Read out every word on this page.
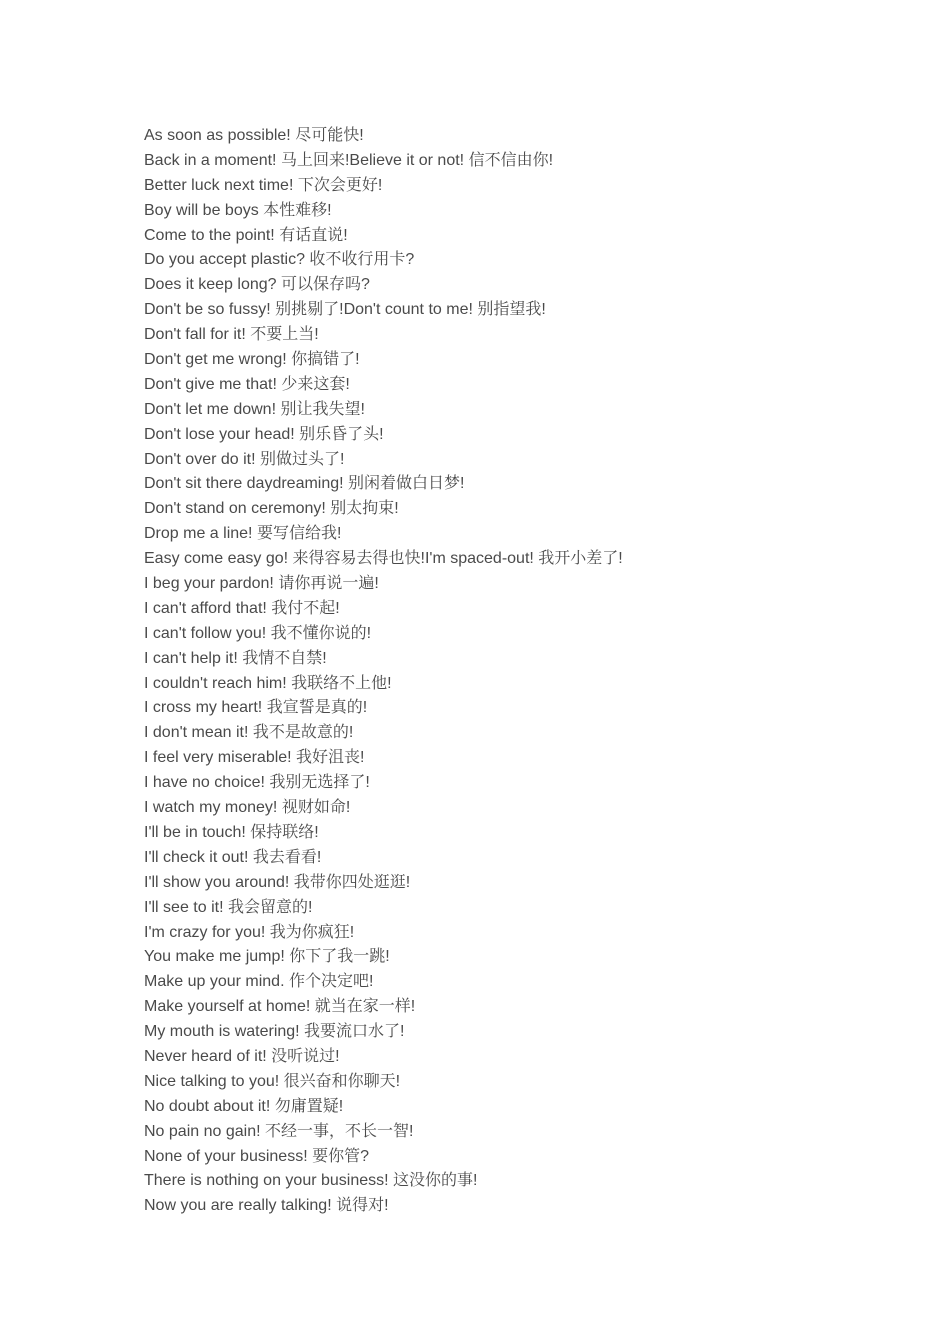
As soon as possible! 尽可能快!
Back in a moment! 马上回来!Believe it or not! 信不信由你!
Better luck next time! 下次会更好!
Boy will be boys 本性难移!
Come to the point! 有话直说!
Do you accept plastic? 收不收行用卡?
Does it keep long? 可以保存吗?
Don't be so fussy! 别挑剔了!Don't count to me! 别指望我!
Don't fall for it! 不要上当!
Don't get me wrong! 你搞错了!
Don't give me that! 少来这套!
Don't let me down! 别让我失望!
Don't lose your head! 别乐昏了头!
Don't over do it! 别做过头了!
Don't sit there daydreaming! 别闲着做白日梦!
Don't stand on ceremony! 别太拘束!
Drop me a line! 要写信给我!
Easy come easy go! 来得容易去得也快!I'm spaced-out! 我开小差了!
I beg your pardon! 请你再说一遍!
I can't afford that! 我付不起!
I can't follow you! 我不懂你说的!
I can't help it! 我情不自禁!
I couldn't reach him! 我联络不上他!
I cross my heart! 我宣誓是真的!
I don't mean it! 我不是故意的!
I feel very miserable! 我好沮丧!
I have no choice! 我别无选择了!
I watch my money! 视财如命!
I'll be in touch! 保持联络!
I'll check it out! 我去看看!
I'll show you around! 我带你四处逛逛!
I'll see to it! 我会留意的!
I'm crazy for you! 我为你疯狂!
You make me jump! 你下了我一跳!
Make up your mind. 作个决定吧!
Make yourself at home! 就当在家一样!
My mouth is watering! 我要流口水了!
Never heard of it! 没听说过!
Nice talking to you! 很兴奋和你聊天!
No doubt about it! 勿庸置疑!
No pain no gain! 不经一事，不长一智!
None of your business! 要你管?
There is nothing on your business! 这没你的事!
Now you are really talking! 说得对!
